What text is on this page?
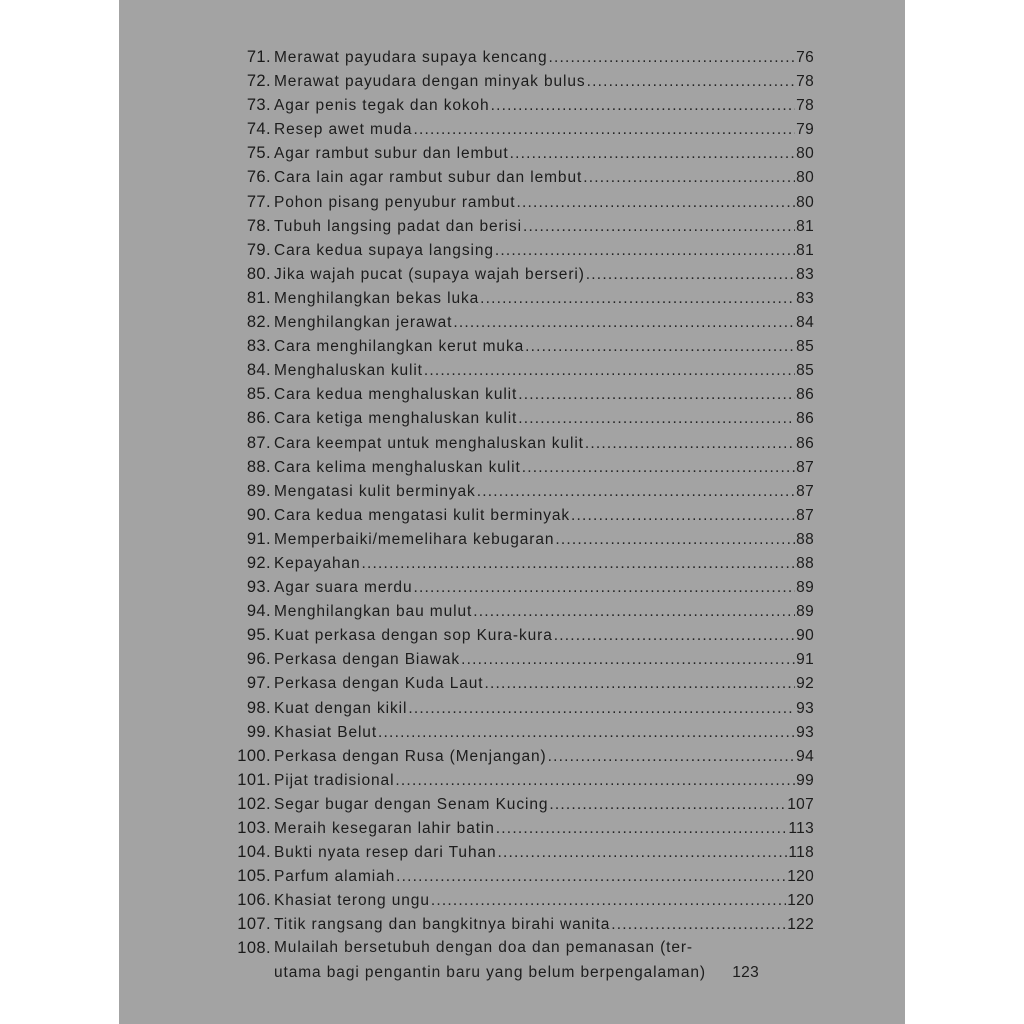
71. Merawat payudara supaya kencang .....	76
72. Merawat payudara dengan minyak bulus .....	78
73. Agar penis tegak dan kokoh .....	78
74. Resep awet muda .....	79
75. Agar rambut subur dan lembut .....	80
76. Cara lain agar rambut subur dan lembut .....	80
77. Pohon pisang penyubur rambut .....	80
78. Tubuh langsing padat dan berisi .....	81
79. Cara kedua supaya langsing .....	81
80. Jika wajah pucat (supaya wajah berseri) .....	83
81. Menghilangkan bekas luka .....	83
82. Menghilangkan jerawat .....	84
83. Cara menghilangkan kerut muka .....	85
84. Menghaluskan kulit .....	85
85. Cara kedua menghaluskan kulit .....	86
86. Cara ketiga menghaluskan kulit .....	86
87. Cara keempat untuk menghaluskan kulit .....	86
88. Cara kelima menghaluskan kulit .....	87
89. Mengatasi kulit berminyak .....	87
90. Cara kedua mengatasi kulit berminyak .....	87
91. Memperbaiki/memelihara kebugaran .....	88
92. Kepayahan .....	88
93. Agar suara merdu .....	89
94. Menghilangkan bau mulut .....	89
95. Kuat perkasa dengan sop Kura-kura .....	90
96. Perkasa dengan Biawak .....	91
97. Perkasa dengan Kuda Laut .....	92
98. Kuat dengan kikil .....	93
99. Khasiat Belut .....	93
100. Perkasa dengan Rusa (Menjangan) .....	94
101. Pijat tradisional .....	99
102. Segar bugar dengan Senam Kucing .....	107
103. Meraih kesegaran lahir batin .....	113
104. Bukti nyata resep dari Tuhan .....	118
105. Parfum alamiah .....	120
106. Khasiat terong ungu .....	120
107. Titik rangsang dan bangkitnya birahi wanita .....	122
108. Mulailah bersetubuh dengan doa dan pemanasan (ter-
utama bagi pengantin baru yang belum berpengalaman) 123
